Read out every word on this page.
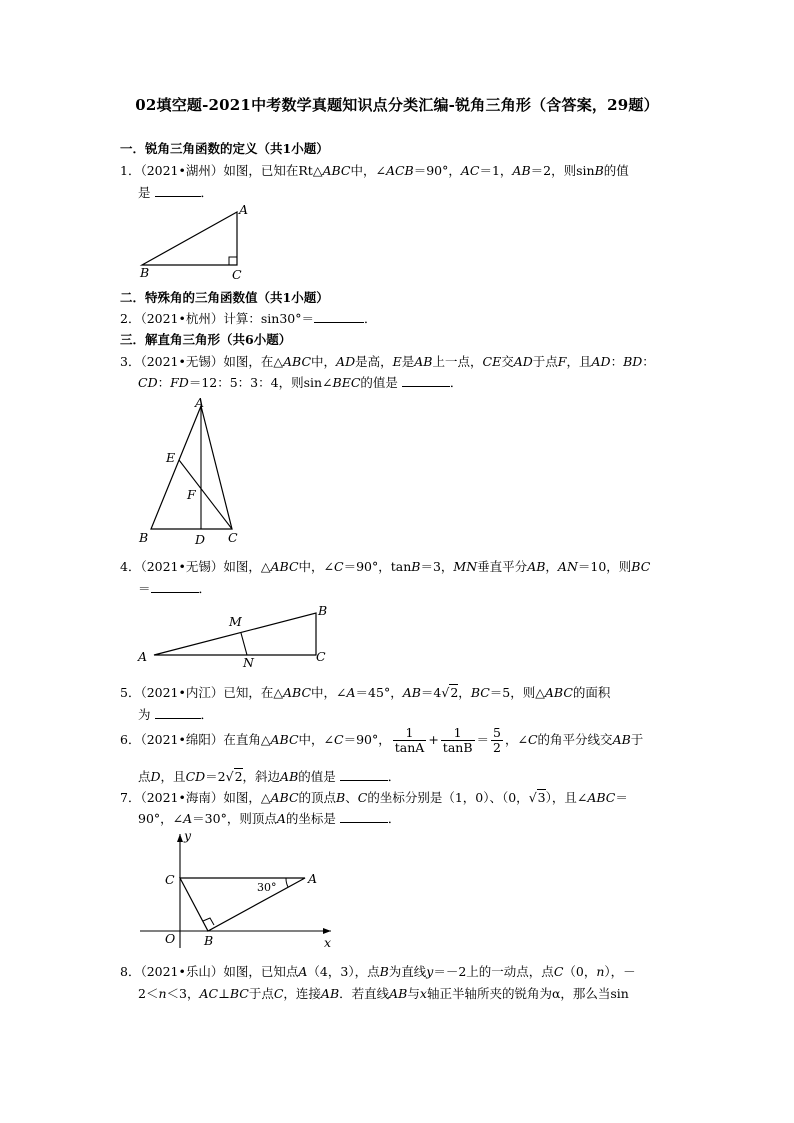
02填空题-2021中考数学真题知识点分类汇编-锐角三角形（含答案，29题）
一．锐角三角函数的定义（共1小题）
1．（2021•湖州）如图，已知在Rt△ABC中，∠ACB＝90°，AC＝1，AB＝2，则sinB的值
是	．
A
B	C
二．特殊角的三角函数值（共1小题）
2．（2021•杭州）计算：sin30°＝	．
三．解直角三角形（共6小题）
3．（2021•无锡）如图，在△ABC中，AD是高，E是AB上一点，CE交AD于点F，且AD：BD：
CD：FD＝12：5：3：4，则sin∠BEC的值是	．
A
E
F
B	D C
4．（2021•无锡）如图，△ABC中，∠C＝90°，tanB＝3，MN垂直平分AB，AN＝10，则BC
＝	．
A
B
C
M
N
5．（2021•内江）已知，在△ABC中，∠A＝45°，AB＝4√2，BC＝5，则△ABC的面积
为	．
6．（2021•绵阳）在直角△ABC中，∠C＝90°， $\frac{1}{\tan A} + \frac{1}{\tan B} = \frac{5}{2}$ ，∠C的角平分线交AB于
点D，且CD＝2√2，斜边AB的值是	．
7．（2021•海南）如图，△ABC的顶点B、C的坐标分别是（1，0）、（0，√3），且∠ABC＝
90°，∠A＝30°，则顶点A的坐标是	．
y
x
O B
C	A
30°
8．（2021•乐山）如图，已知点A（4，3），点B为直线y＝－2上的一动点，点C（0，n），－
2＜n＜3，AC⊥BC于点C，连接AB．若直线AB与x轴正半轴所夹的锐角为α，那么当sin
